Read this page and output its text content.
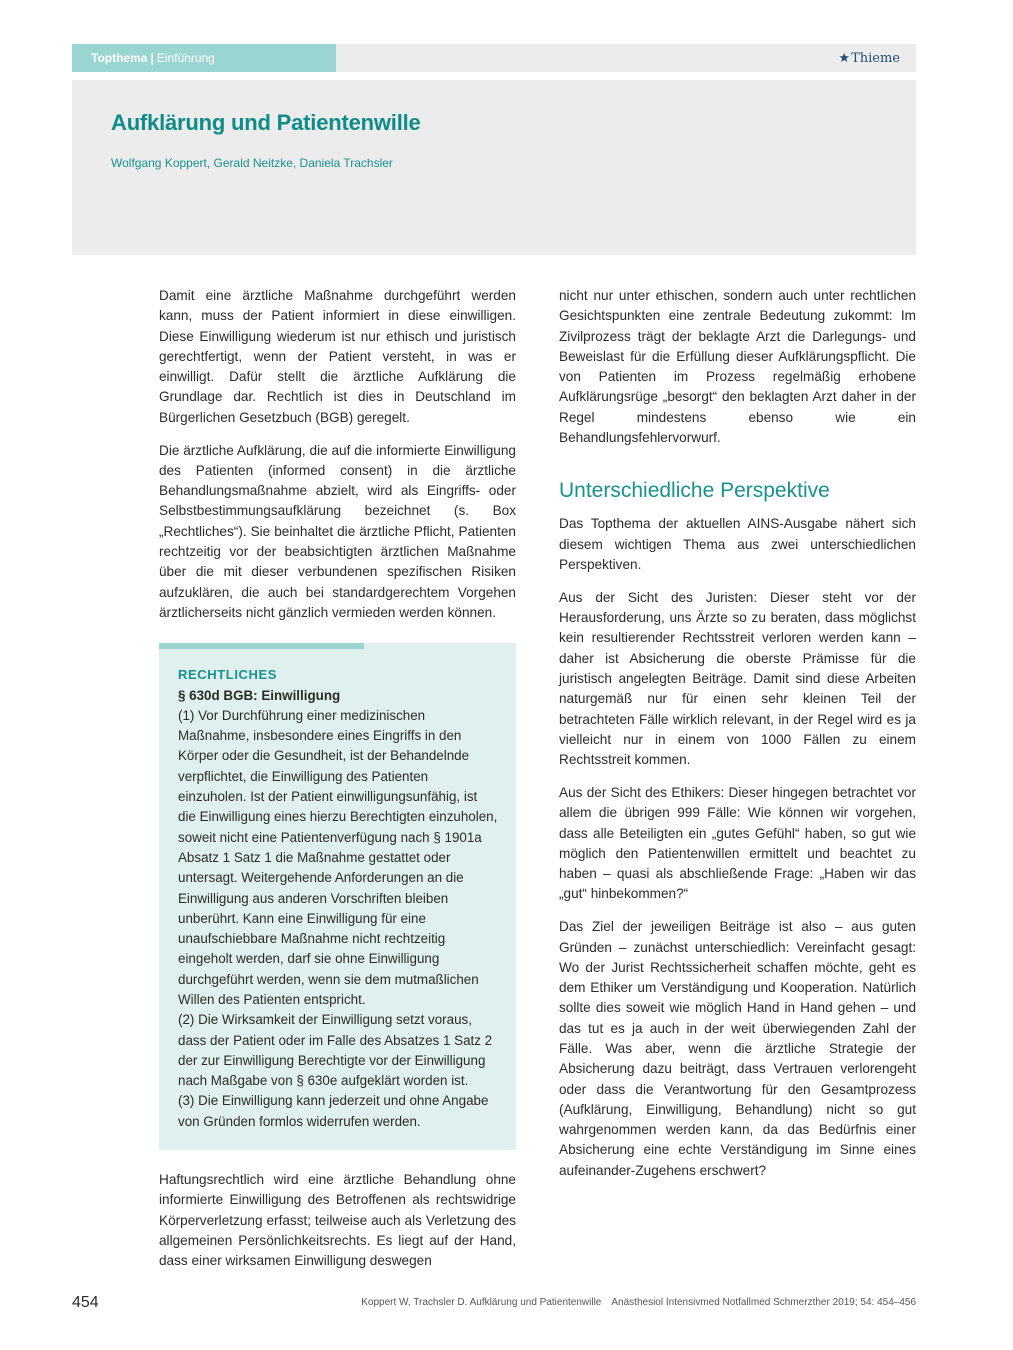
Topthema | Einführung	★Thieme
Aufklärung und Patientenwille
Wolfgang Koppert, Gerald Neitzke, Daniela Trachsler

Damit eine ärztliche Maßnahme durchgeführt werden kann, muss der Patient informiert in diese einwilligen. Diese Einwilligung wiederum ist nur ethisch und juristisch gerechtfertigt, wenn der Patient versteht, in was er einwilligt. Dafür stellt die ärztliche Aufklärung die Grundlage dar. Rechtlich ist dies in Deutschland im Bürgerlichen Gesetzbuch (BGB) geregelt.

Die ärztliche Aufklärung, die auf die informierte Einwilligung des Patienten (informed consent) in die ärztliche Behandlungsmaßnahme abzielt, wird als Eingriffs- oder Selbstbestimmungsaufklärung bezeichnet (s. Box „Rechtliches“). Sie beinhaltet die ärztliche Pflicht, Patienten rechtzeitig vor der beabsichtigten ärztlichen Maßnahme über die mit dieser verbundenen spezifischen Risiken aufzuklären, die auch bei standardgerechtem Vorgehen ärztlicherseits nicht gänzlich vermieden werden können.

RECHTLICHES
§ 630d BGB: Einwilligung
(1) Vor Durchführung einer medizinischen Maßnahme, insbesondere eines Eingriffs in den Körper oder die Gesundheit, ist der Behandelnde verpflichtet, die Einwilligung des Patienten einzuholen. Ist der Patient einwilligungsunfähig, ist die Einwilligung eines hierzu Berechtigten einzuholen, soweit nicht eine Patientenverfügung nach § 1901a Absatz 1 Satz 1 die Maßnahme gestattet oder untersagt. Weitergehende Anforderungen an die Einwilligung aus anderen Vorschriften bleiben unberührt. Kann eine Einwilligung für eine unaufschiebbare Maßnahme nicht rechtzeitig eingeholt werden, darf sie ohne Einwilligung durchgeführt werden, wenn sie dem mutmaßlichen Willen des Patienten entspricht.
(2) Die Wirksamkeit der Einwilligung setzt voraus, dass der Patient oder im Falle des Absatzes 1 Satz 2 der zur Einwilligung Berechtigte vor der Einwilligung nach Maßgabe von § 630e aufgeklärt worden ist.
(3) Die Einwilligung kann jederzeit und ohne Angabe von Gründen formlos widerrufen werden.

Haftungsrechtlich wird eine ärztliche Behandlung ohne informierte Einwilligung des Betroffenen als rechtswidrige Körperverletzung erfasst; teilweise auch als Verletzung des allgemeinen Persönlichkeitsrechts. Es liegt auf der Hand, dass einer wirksamen Einwilligung deswegen

nicht nur unter ethischen, sondern auch unter rechtlichen Gesichtspunkten eine zentrale Bedeutung zukommt: Im Zivilprozess trägt der beklagte Arzt die Darlegungs- und Beweislast für die Erfüllung dieser Aufklärungspflicht. Die von Patienten im Prozess regelmäßig erhobene Aufklärungsrüge „besorgt“ den beklagten Arzt daher in der Regel mindestens ebenso wie ein Behandlungsfehlervorwurf.

Unterschiedliche Perspektive

Das Topthema der aktuellen AINS-Ausgabe nähert sich diesem wichtigen Thema aus zwei unterschiedlichen Perspektiven.

Aus der Sicht des Juristen: Dieser steht vor der Herausforderung, uns Ärzte so zu beraten, dass möglichst kein resultierender Rechtsstreit verloren werden kann – daher ist Absicherung die oberste Prämisse für die juristisch angelegten Beiträge. Damit sind diese Arbeiten naturgemäß nur für einen sehr kleinen Teil der betrachteten Fälle wirklich relevant, in der Regel wird es ja vielleicht nur in einem von 1000 Fällen zu einem Rechtsstreit kommen.

Aus der Sicht des Ethikers: Dieser hingegen betrachtet vor allem die übrigen 999 Fälle: Wie können wir vorgehen, dass alle Beteiligten ein „gutes Gefühl“ haben, so gut wie möglich den Patientenwillen ermittelt und beachtet zu haben – quasi als abschließende Frage: „Haben wir das „gut“ hinbekommen?“

Das Ziel der jeweiligen Beiträge ist also – aus guten Gründen – zunächst unterschiedlich: Vereinfacht gesagt: Wo der Jurist Rechtssicherheit schaffen möchte, geht es dem Ethiker um Verständigung und Kooperation. Natürlich sollte dies soweit wie möglich Hand in Hand gehen – und das tut es ja auch in der weit überwiegenden Zahl der Fälle. Was aber, wenn die ärztliche Strategie der Absicherung dazu beiträgt, dass Vertrauen verlorengeht oder dass die Verantwortung für den Gesamtprozess (Aufklärung, Einwilligung, Behandlung) nicht so gut wahrgenommen werden kann, da das Bedürfnis einer Absicherung eine echte Verständigung im Sinne eines aufeinander-Zugehens erschwert?

454	Koppert W, Trachsler D. Aufklärung und Patientenwille Anästhesiol Intensivmed Notfallmed Schmerzther 2019; 54: 454–456
